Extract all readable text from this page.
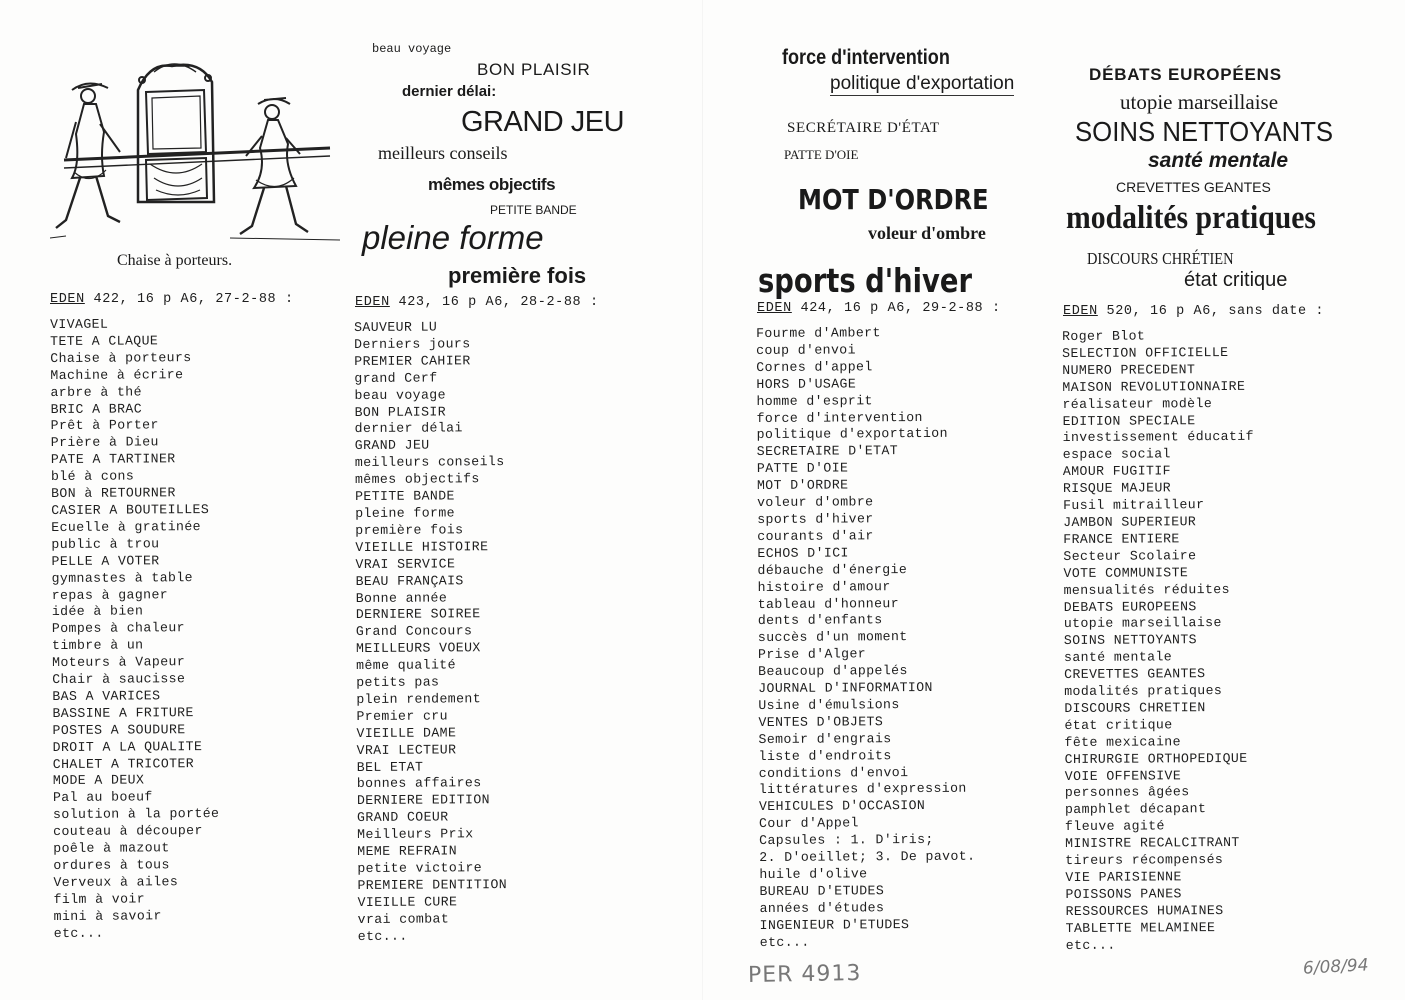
Chaise à porteurs.
EDEN 422, 16 p A6, 27-2-88 :
VIVAGEL
TETE A CLAQUE
Chaise à porteurs
Machine à écrire
arbre à thé
BRIC A BRAC
Prêt à Porter
Prière à Dieu
PATE A TARTINER
blé à cons
BON à RETOURNER
CASIER A BOUTEILLES
Ecuelle à gratinée
public à trou
PELLE A VOTER
gymnastes à table
repas à gagner
idée à bien
Pompes à chaleur
timbre à un
Moteurs à Vapeur
Chair à saucisse
BAS A VARICES
BASSINE A FRITURE
POSTES A SOUDURE
DROIT A LA QUALITE
CHALET A TRICOTER
MODE A DEUX
Pal au boeuf
solution à la portée
couteau à découper
poêle à mazout
ordures à tous
Verveux à ailes
film à voir
mini à savoir
etc...
beau voyage
BON PLAISIR
dernier délai:
GRAND JEU
meilleurs conseils
mêmes objectifs
PETITE BANDE
pleine forme
première fois
EDEN 423, 16 p A6, 28-2-88 :
SAUVEUR LU
Derniers jours
PREMIER CAHIER
grand Cerf
beau voyage
BON PLAISIR
dernier délai
GRAND JEU
meilleurs conseils
mêmes objectifs
PETITE BANDE
pleine forme
première fois
VIEILLE HISTOIRE
VRAI SERVICE
BEAU FRANÇAIS
Bonne année
DERNIERE SOIREE
Grand Concours
MEILLEURS VOEUX
même qualité
petits pas
plein rendement
Premier cru
VIEILLE DAME
VRAI LECTEUR
BEL ETAT
bonnes affaires
DERNIERE EDITION
GRAND COEUR
Meilleurs Prix
MEME REFRAIN
petite victoire
PREMIERE DENTITION
VIEILLE CURE
vrai combat
etc...
force d'intervention
politique d'exportation
SECRÉTAIRE D'ÉTAT
PATTE D'OIE
MOT D'ORDRE
voleur d'ombre
sports d'hiver
EDEN 424, 16 p A6, 29-2-88 :
Fourme d'Ambert
coup d'envoi
Cornes d'appel
HORS D'USAGE
homme d'esprit
force d'intervention
politique d'exportation
SECRETAIRE D'ETAT
PATTE D'OIE
MOT D'ORDRE
voleur d'ombre
sports d'hiver
courants d'air
ECHOS D'ICI
débauche d'énergie
histoire d'amour
tableau d'honneur
dents d'enfants
succès d'un moment
Prise d'Alger
Beaucoup d'appelés
JOURNAL D'INFORMATION
Usine d'émulsions
VENTES D'OBJETS
Semoir d'engrais
liste d'endroits
conditions d'envoi
littératures d'expression
VEHICULES D'OCCASION
Cour d'Appel
Capsules : 1. D'iris;
2. D'oeillet; 3. De pavot.
huile d'olive
BUREAU D'ETUDES
années d'études
INGENIEUR D'ETUDES
etc...
PER 4913
DÉBATS EUROPÉENS
utopie marseillaise
SOINS NETTOYANTS
santé mentale
CREVETTES GEANTES
modalités pratiques
DISCOURS CHRÉTIEN
état critique
EDEN 520, 16 p A6, sans date :
Roger Blot
SELECTION OFFICIELLE
NUMERO PRECEDENT
MAISON REVOLUTIONNAIRE
réalisateur modèle
EDITION SPECIALE
investissement éducatif
espace social
AMOUR FUGITIF
RISQUE MAJEUR
Fusil mitrailleur
JAMBON SUPERIEUR
FRANCE ENTIERE
Secteur Scolaire
VOTE COMMUNISTE
mensualités réduites
DEBATS EUROPEENS
utopie marseillaise
SOINS NETTOYANTS
santé mentale
CREVETTES GEANTES
modalités pratiques
DISCOURS CHRETIEN
état critique
fête mexicaine
CHIRURGIE ORTHOPEDIQUE
VOIE OFFENSIVE
personnes âgées
pamphlet décapant
fleuve agité
MINISTRE RECALCITRANT
tireurs récompensés
VIE PARISIENNE
POISSONS PANES
RESSOURCES HUMAINES
TABLETTE MELAMINEE
etc...
6/08/94
